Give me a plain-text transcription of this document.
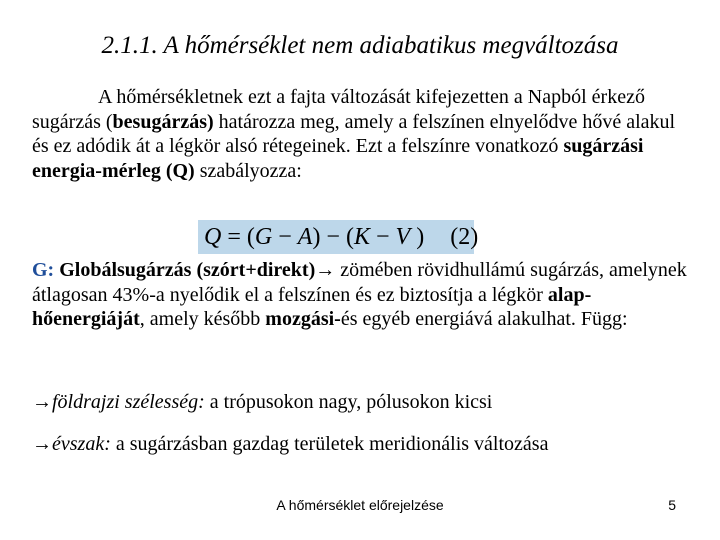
2.1.1. A hőmérséklet nem adiabatikus megváltozása
A hőmérsékletnek ezt a fajta változását kifejezetten a Napból érkező sugárzás (besugárzás) határozza meg, amely a felszínen elnyelődve hővé alakul és ez adódik át a légkör alsó rétegeinek. Ezt a felszínre vonatkozó sugárzási energia-mérleg (Q) szabályozza:
Q = (G − A) − (K − V ) (2)
G: Globálsugárzás (szórt+direkt)→ zömében rövidhullámú sugárzás, amelynek átlagosan 43%-a nyelődik el a felszínen és ez biztosítja a légkör alap-hőenergiáját, amely később mozgási-és egyéb energiává alakulhat. Függ:
→földrajzi szélesség: a trópusokon nagy, pólusokon kicsi
→évszak: a sugárzásban gazdag területek meridionális változása
A hőmérséklet előrejelzése	5
